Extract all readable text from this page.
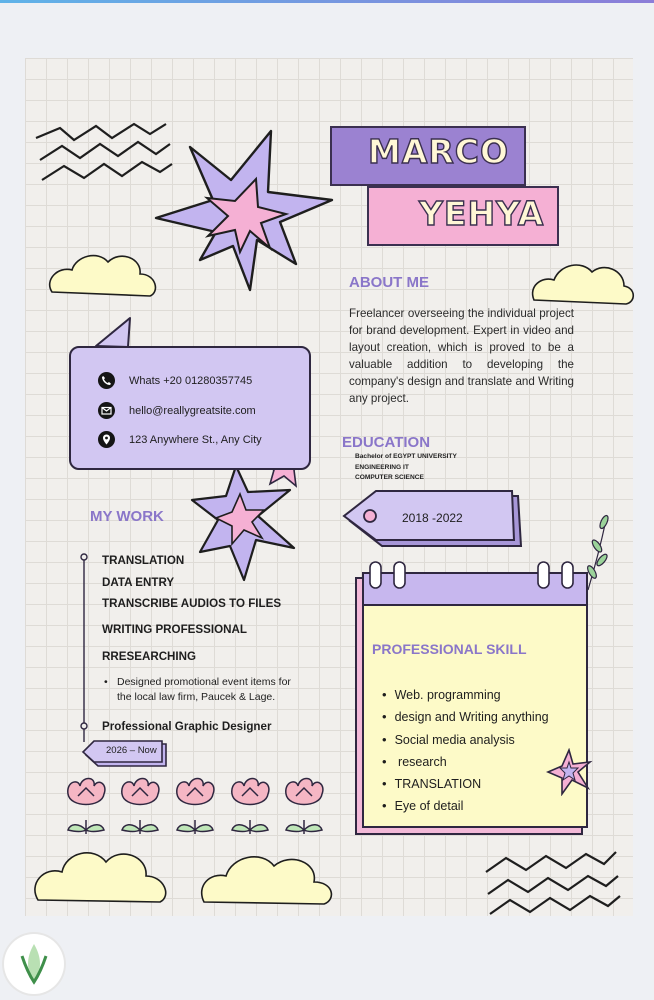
MARCO
YEHYA
ABOUT ME
Freelancer overseeing the individual project for brand development. Expert in video and layout creation, which is proved to be a valuable addition to developing the company's design and translate and Writing any project.
Whats +20 01280357745
hello@reallygreatsite.com
123 Anywhere St., Any City	EDUCATION
Bachelor of EGYPT UNIVERSITY
ENGINEERING IT
COMPUTER SCIENCE
2018 -2022
MY WORK
TRANSLATION
DATA ENTRY
TRANSCRIBE AUDIOS TO FILES
WRITING PROFESSIONAL
RRESEARCHING
• Designed promotional event items for the local law firm, Paucek & Lage.
Professional Graphic Designer
2026 – Now
PROFESSIONAL SKILL
• Web. programming
• design and Writing anything
• Social media analysis
• research
• TRANSLATION
• Eye of detail
